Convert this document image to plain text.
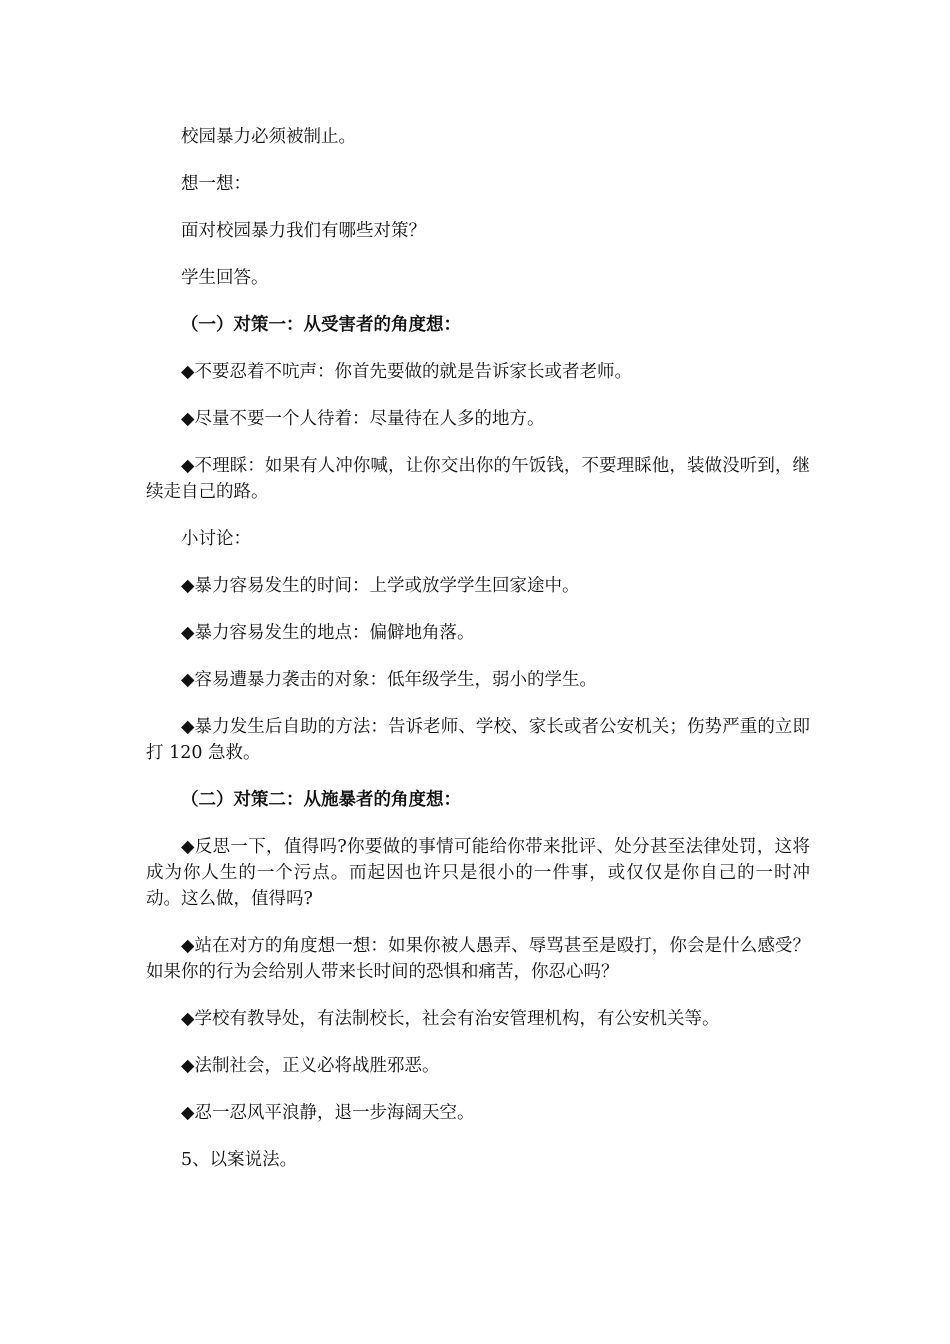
校园暴力必须被制止。

想一想：

面对校园暴力我们有哪些对策？

学生回答。

（一）对策一：从受害者的角度想：

◆不要忍着不吭声：你首先要做的就是告诉家长或者老师。

◆尽量不要一个人待着：尽量待在人多的地方。

◆不理睬：如果有人冲你喊，让你交出你的午饭钱，不要理睬他，装做没听到，继续走自己的路。

小讨论：

◆暴力容易发生的时间：上学或放学学生回家途中。

◆暴力容易发生的地点：偏僻地角落。

◆容易遭暴力袭击的对象：低年级学生，弱小的学生。

◆暴力发生后自助的方法：告诉老师、学校、家长或者公安机关；伤势严重的立即打 120 急救。

（二）对策二：从施暴者的角度想：

◆反思一下，值得吗?你要做的事情可能给你带来批评、处分甚至法律处罚，这将成为你人生的一个污点。而起因也许只是很小的一件事，或仅仅是你自己的一时冲动。这么做，值得吗?

◆站在对方的角度想一想：如果你被人愚弄、辱骂甚至是殴打，你会是什么感受？如果你的行为会给别人带来长时间的恐惧和痛苦，你忍心吗？

◆学校有教导处，有法制校长，社会有治安管理机构，有公安机关等。

◆法制社会，正义必将战胜邪恶。

◆忍一忍风平浪静，退一步海阔天空。

5、以案说法。
